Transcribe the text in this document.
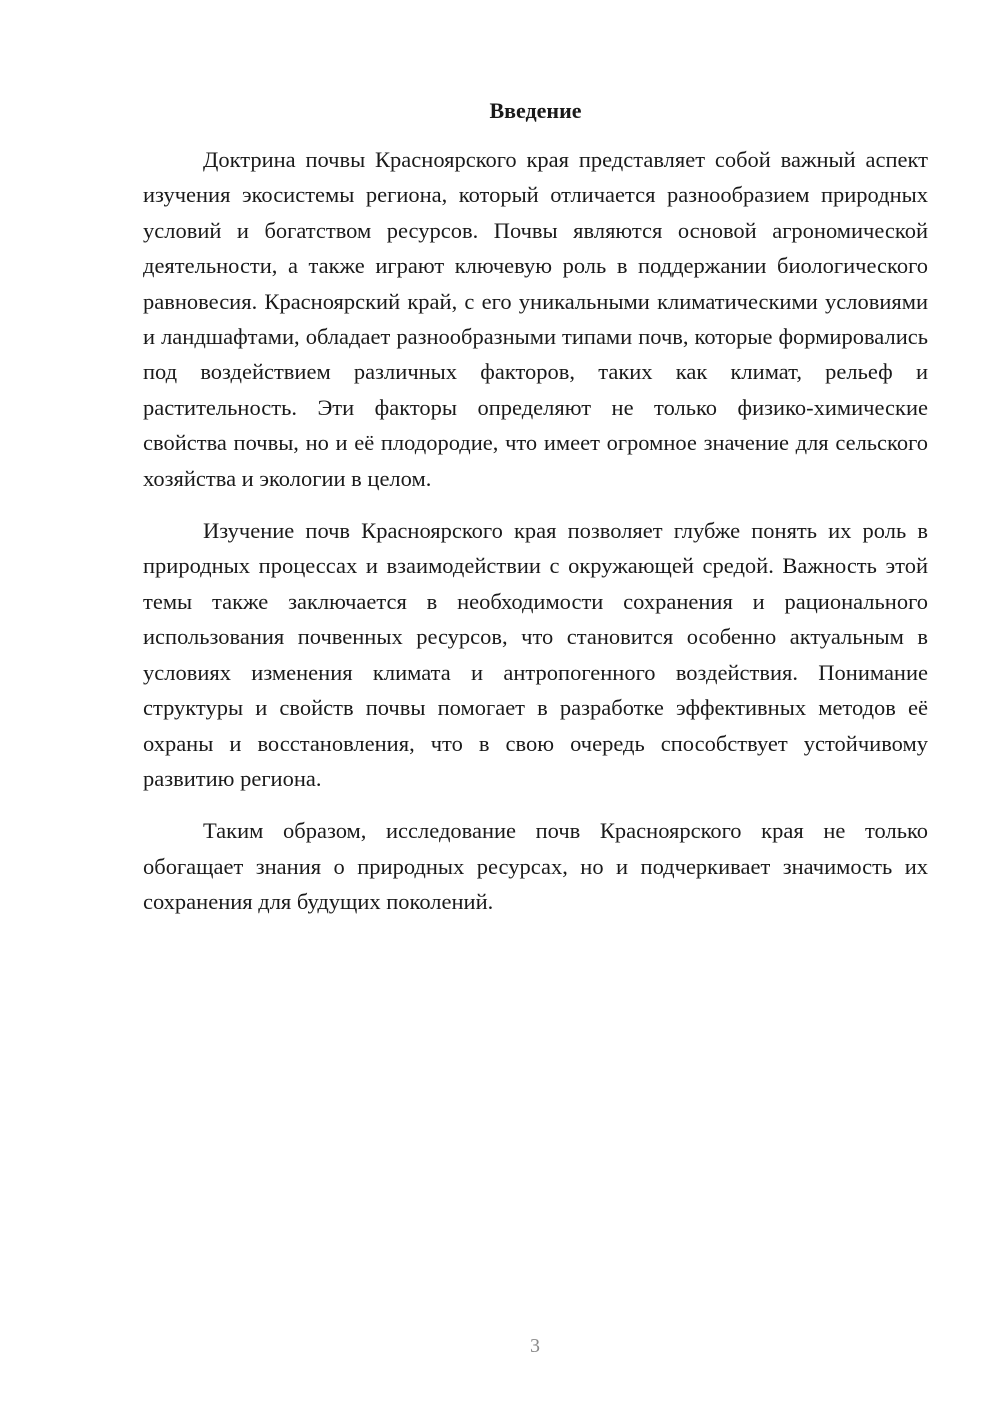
Введение

Доктрина почвы Красноярского края представляет собой важный аспект изучения экосистемы региона, который отличается разнообразием природных условий и богатством ресурсов. Почвы являются основой агрономической деятельности, а также играют ключевую роль в поддержании биологического равновесия. Красноярский край, с его уникальными климатическими условиями и ландшафтами, обладает разнообразными типами почв, которые формировались под воздействием различных факторов, таких как климат, рельеф и растительность. Эти факторы определяют не только физико-химические свойства почвы, но и её плодородие, что имеет огромное значение для сельского хозяйства и экологии в целом.

Изучение почв Красноярского края позволяет глубже понять их роль в природных процессах и взаимодействии с окружающей средой. Важность этой темы также заключается в необходимости сохранения и рационального использования почвенных ресурсов, что становится особенно актуальным в условиях изменения климата и антропогенного воздействия. Понимание структуры и свойств почвы помогает в разработке эффективных методов её охраны и восстановления, что в свою очередь способствует устойчивому развитию региона.

Таким образом, исследование почв Красноярского края не только обогащает знания о природных ресурсах, но и подчеркивает значимость их сохранения для будущих поколений.

3
